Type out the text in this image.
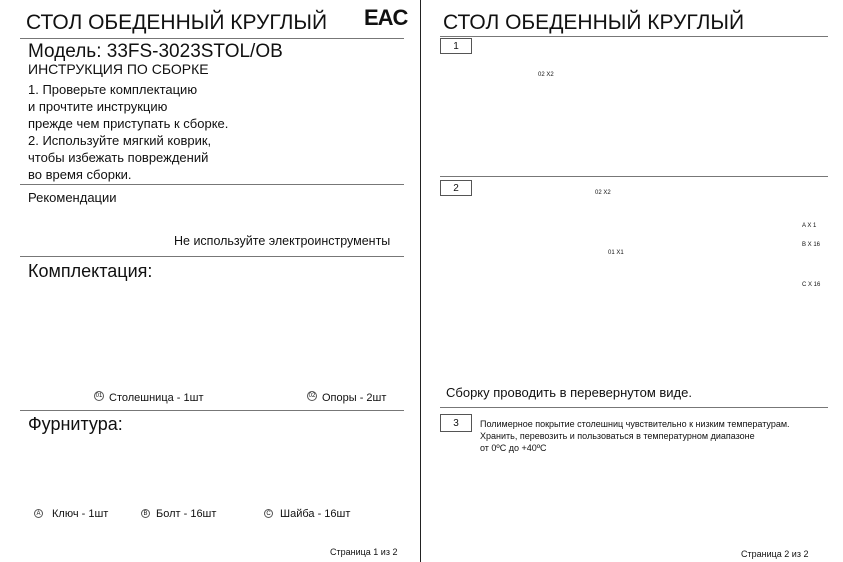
СТОЛ ОБЕДЕННЫЙ КРУГЛЫЙ EAC
Модель: 33FS-3023STOL/OB
ИНСТРУКЦИЯ ПО СБОРКЕ
1. Проверьте комплектацию
и прочтите инструкцию
прежде чем приступать к сборке.
2. Используйте мягкий коврик,
чтобы избежать повреждений
во время сборки.
Рекомендации
Не используйте электроинструменты
Комплектация:
01 Столешница - 1шт	02 Опоры - 2шт
Фурнитура:
A Ключ - 1шт	B Болт - 16шт	C Шайба - 16шт
Страница 1 из 2
СТОЛ ОБЕДЕННЫЙ КРУГЛЫЙ
1
02 X2
2	02 X2
01 X1
A X 1
B X 16
C X 16
Сборку проводить в перевернутом виде.
3	Полимерное покрытие столешниц чувствительно к низким температурам.
Хранить, перевозить и пользоваться в температурном диапазоне
от 0ºС до +40ºС
Страница 2 из 2
